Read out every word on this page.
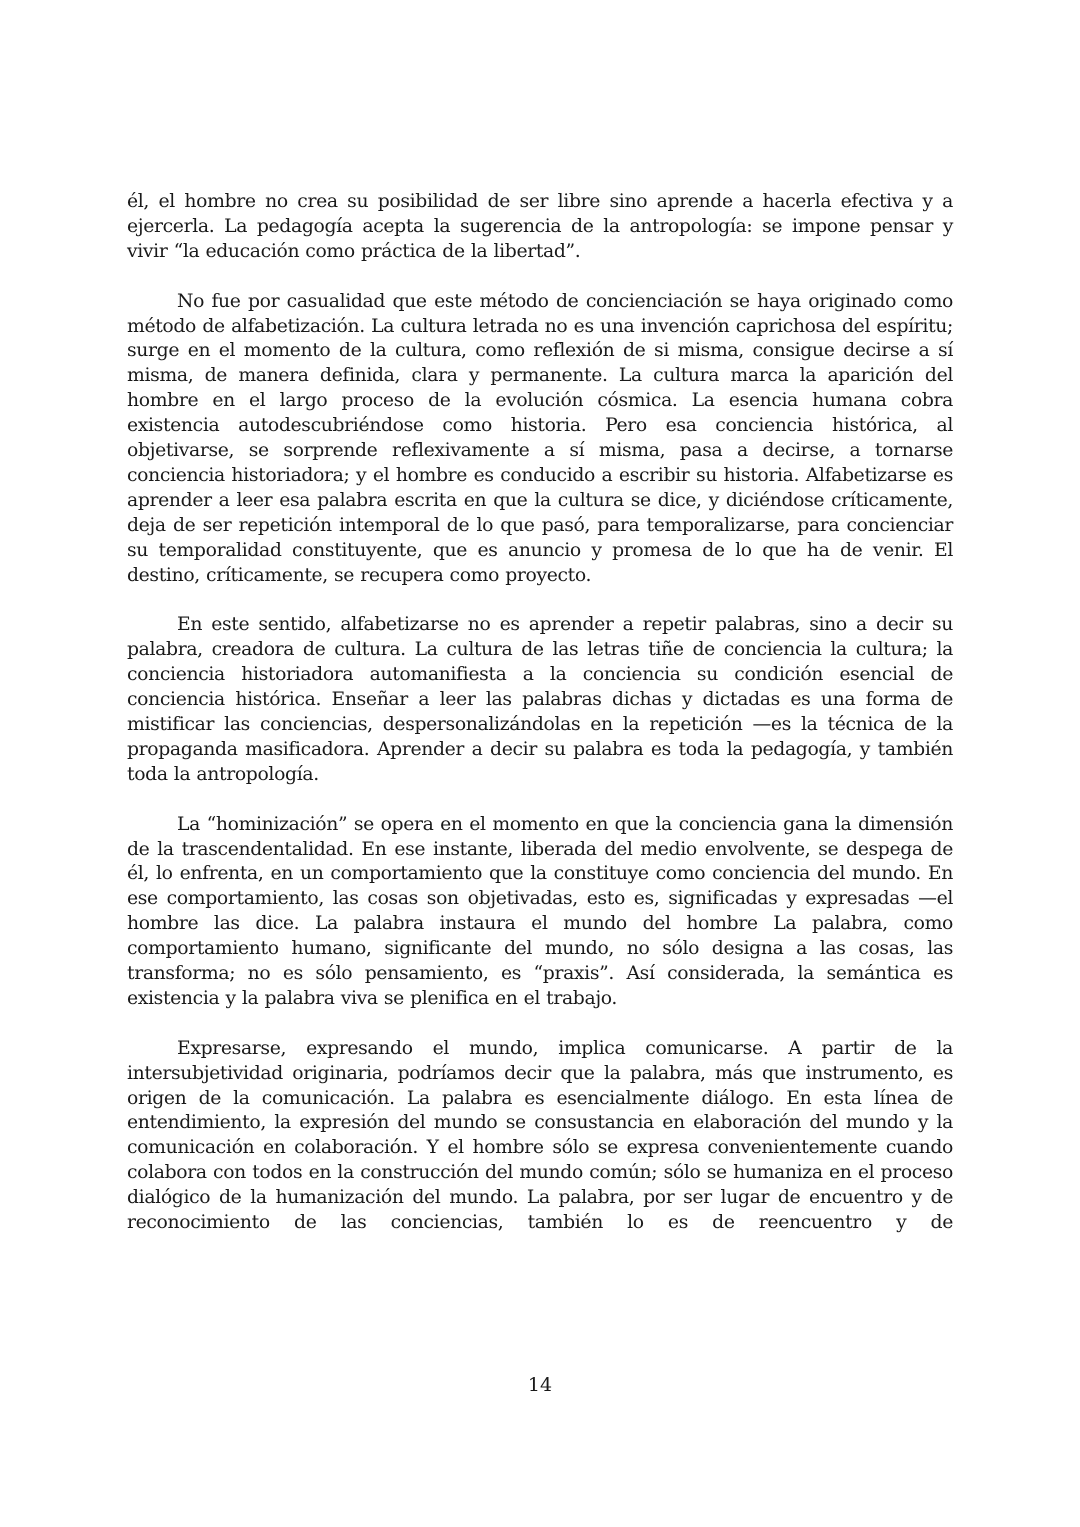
él, el hombre no crea su posibilidad de ser libre sino aprende a hacerla efectiva y a ejercerla. La pedagogía acepta la sugerencia de la antropología: se impone pensar y vivir “la educación como práctica de la libertad”.

No fue por casualidad que este método de concienciación se haya originado como método de alfabetización. La cultura letrada no es una invención caprichosa del espíritu; surge en el momento de la cultura, como reflexión de si misma, consigue decirse a sí misma, de manera definida, clara y permanente. La cultura marca la aparición del hombre en el largo proceso de la evolución cósmica. La esencia humana cobra existencia autodescubriéndose como historia. Pero esa conciencia histórica, al objetivarse, se sorprende reflexivamente a sí misma, pasa a decirse, a tornarse conciencia historiadora; y el hombre es conducido a escribir su historia. Alfabetizarse es aprender a leer esa palabra escrita en que la cultura se dice, y diciéndose críticamente, deja de ser repetición intemporal de lo que pasó, para temporalizarse, para concienciar su temporalidad constituyente, que es anuncio y promesa de lo que ha de venir. El destino, críticamente, se recupera como proyecto.

En este sentido, alfabetizarse no es aprender a repetir palabras, sino a decir su palabra, creadora de cultura. La cultura de las letras tiñe de conciencia la cultura; la conciencia historiadora automanifiesta a la conciencia su condición esencial de conciencia histórica. Enseñar a leer las palabras dichas y dictadas es una forma de mistificar las conciencias, despersonalizándolas en la repetición —es la técnica de la propaganda masificadora. Aprender a decir su palabra es toda la pedagogía, y también toda la antropología.

La “hominización” se opera en el momento en que la conciencia gana la dimensión de la trascendentalidad. En ese instante, liberada del medio envolvente, se despega de él, lo enfrenta, en un comportamiento que la constituye como conciencia del mundo. En ese comportamiento, las cosas son objetivadas, esto es, significadas y expresadas —el hombre las dice. La palabra instaura el mundo del hombre La palabra, como comportamiento humano, significante del mundo, no sólo designa a las cosas, las transforma; no es sólo pensamiento, es “praxis”. Así considerada, la semántica es existencia y la palabra viva se plenifica en el trabajo.

Expresarse, expresando el mundo, implica comunicarse. A partir de la intersubjetividad originaria, podríamos decir que la palabra, más que instrumento, es origen de la comunicación. La palabra es esencialmente diálogo. En esta línea de entendimiento, la expresión del mundo se consustancia en elaboración del mundo y la comunicación en colaboración. Y el hombre sólo se expresa convenientemente cuando colabora con todos en la construcción del mundo común; sólo se humaniza en el proceso dialógico de la humanización del mundo. La palabra, por ser lugar de encuentro y de reconocimiento de las conciencias, también lo es de reencuentro y de

14
